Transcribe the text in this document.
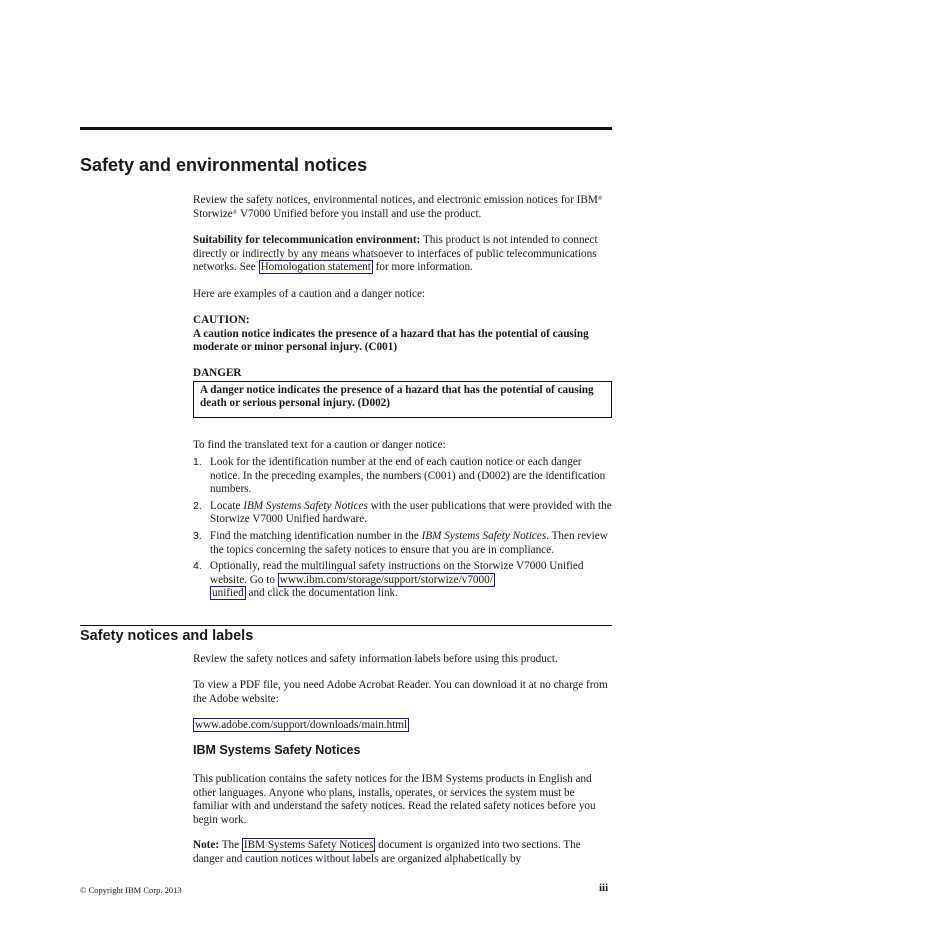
Safety and environmental notices

Review the safety notices, environmental notices, and electronic emission notices for IBM® Storwize® V7000 Unified before you install and use the product.

Suitability for telecommunication environment: This product is not intended to connect directly or indirectly by any means whatsoever to interfaces of public telecommunications networks. See Homologation statement for more information.

Here are examples of a caution and a danger notice:

CAUTION:

A caution notice indicates the presence of a hazard that has the potential of causing moderate or minor personal injury. (C001)

DANGER

A danger notice indicates the presence of a hazard that has the potential of causing death or serious personal injury. (D002)
To find the translated text for a caution or danger notice:
1. Look for the identification number at the end of each caution notice or each danger notice. In the preceding examples, the numbers (C001) and (D002) are the identification numbers.
2. Locate IBM Systems Safety Notices with the user publications that were provided with the Storwize V7000 Unified hardware.
3. Find the matching identification number in the IBM Systems Safety Notices. Then review the topics concerning the safety notices to ensure that you are in compliance.
4. Optionally, read the multilingual safety instructions on the Storwize V7000 Unified website. Go to www.ibm.com/storage/support/storwize/v7000/
unified and click the documentation link.
Safety notices and labels
Review the safety notices and safety information labels before using this product.
To view a PDF file, you need Adobe Acrobat Reader. You can download it at no charge from the Adobe website:
www.adobe.com/support/downloads/main.html
IBM Systems Safety Notices
This publication contains the safety notices for the IBM Systems products in English and other languages. Anyone who plans, installs, operates, or services the system must be familiar with and understand the safety notices. Read the related safety notices before you begin work.

Note: The IBM Systems Safety Notices document is organized into two sections. The danger and caution notices without labels are organized alphabetically by

© Copyright IBM Corp. 2013	iii
